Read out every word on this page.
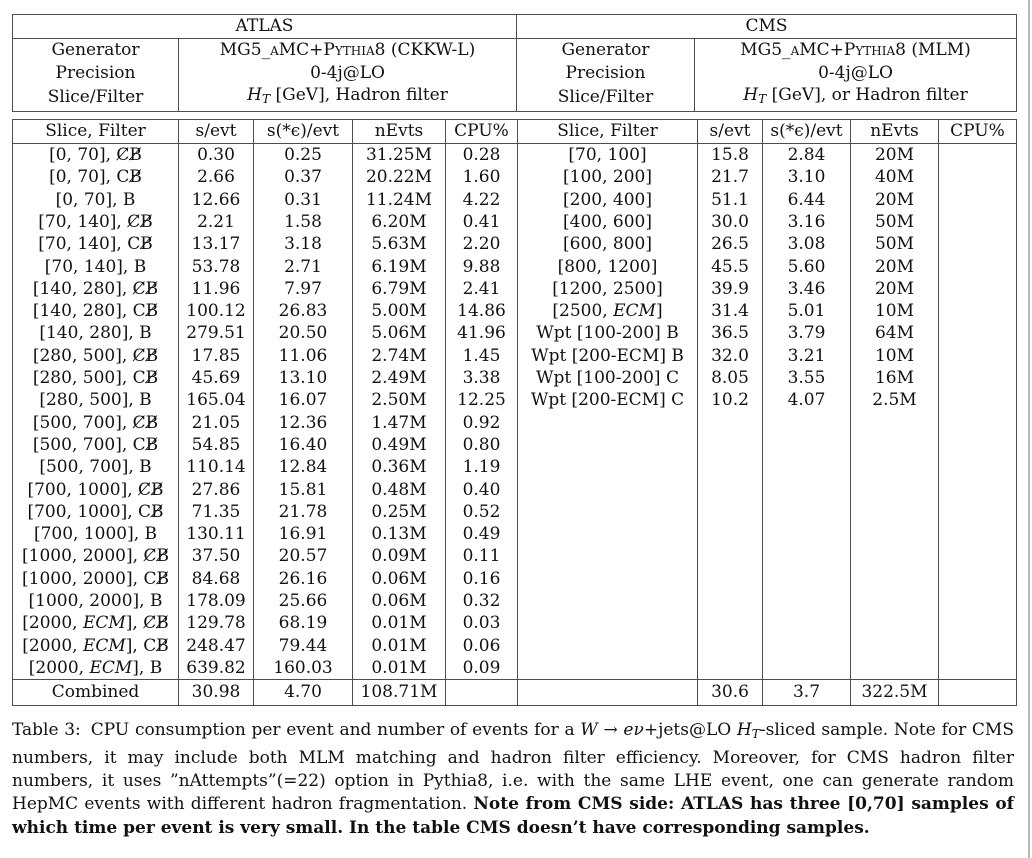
ATLAS		CMS	
Generator	MG5_aMC+Pythia8 (CKKW-L)	Generator	MG5_aMC+Pythia8 (MLM)
Precision	0-4j@LO	Precision	0-4j@LO
Slice/Filter	HT [GeV], Hadron filter	Slice/Filter	HT [GeV], or Hadron filter
Slice, Filter	s/evt	s(*ϵ)/evt	nEvts	CPU%	Slice, Filter	s/evt	s(*ϵ)/evt	nEvts	CPU%
[0, 70], C̸B̸	0.30	0.25	31.25M	0.28	[70, 100]	15.8	2.84	20M	
[0, 70], CB̸	2.66	0.37	20.22M	1.60	[100, 200]	21.7	3.10	40M	
[0, 70], B	12.66	0.31	11.24M	4.22	[200, 400]	51.1	6.44	20M	
[70, 140], C̸B̸	2.21	1.58	6.20M	0.41	[400, 600]	30.0	3.16	50M	
[70, 140], CB̸	13.17	3.18	5.63M	2.20	[600, 800]	26.5	3.08	50M	
[70, 140], B	53.78	2.71	6.19M	9.88	[800, 1200]	45.5	5.60	20M	
[140, 280], C̸B̸	11.96	7.97	6.79M	2.41	[1200, 2500]	39.9	3.46	20M	
[140, 280], CB̸	100.12	26.83	5.00M	14.86	[2500, ECM]	31.4	5.01	10M	
[140, 280], B	279.51	20.50	5.06M	41.96	Wpt [100-200] B	36.5	3.79	64M	
[280, 500], C̸B̸	17.85	11.06	2.74M	1.45	Wpt [200-ECM] B	32.0	3.21	10M	
[280, 500], CB̸	45.69	13.10	2.49M	3.38	Wpt [100-200] C	8.05	3.55	16M	
[280, 500], B	165.04	16.07	2.50M	12.25	Wpt [200-ECM] C	10.2	4.07	2.5M	
[500, 700], C̸B̸	21.05	12.36	1.47M	0.92					
[500, 700], CB̸	54.85	16.40	0.49M	0.80					
[500, 700], B	110.14	12.84	0.36M	1.19					
[700, 1000], C̸B̸	27.86	15.81	0.48M	0.40					
[700, 1000], CB̸	71.35	21.78	0.25M	0.52					
[700, 1000], B	130.11	16.91	0.13M	0.49					
[1000, 2000], C̸B̸	37.50	20.57	0.09M	0.11					
[1000, 2000], CB̸	84.68	26.16	0.06M	0.16					
[1000, 2000], B	178.09	25.66	0.06M	0.32					
[2000, ECM], C̸B̸	129.78	68.19	0.01M	0.03					
[2000, ECM], CB̸	248.47	79.44	0.01M	0.06					
[2000, ECM], B	639.82	160.03	0.01M	0.09					
Combined	30.98	4.70	108.71M			30.6	3.7	322.5M	
Table 3: CPU consumption per event and number of events for a W → eν+jets@LO HT-sliced sample. Note for CMS numbers, it may include both MLM matching and hadron filter efficiency. Moreover, for CMS hadron filter numbers, it uses ”nAttempts”(=22) option in Pythia8, i.e. with the same LHE event, one can generate random HepMC events with different hadron fragmentation. Note from CMS side: ATLAS has three [0,70] samples of which time per event is very small. In the table CMS doesn’t have corresponding samples.
